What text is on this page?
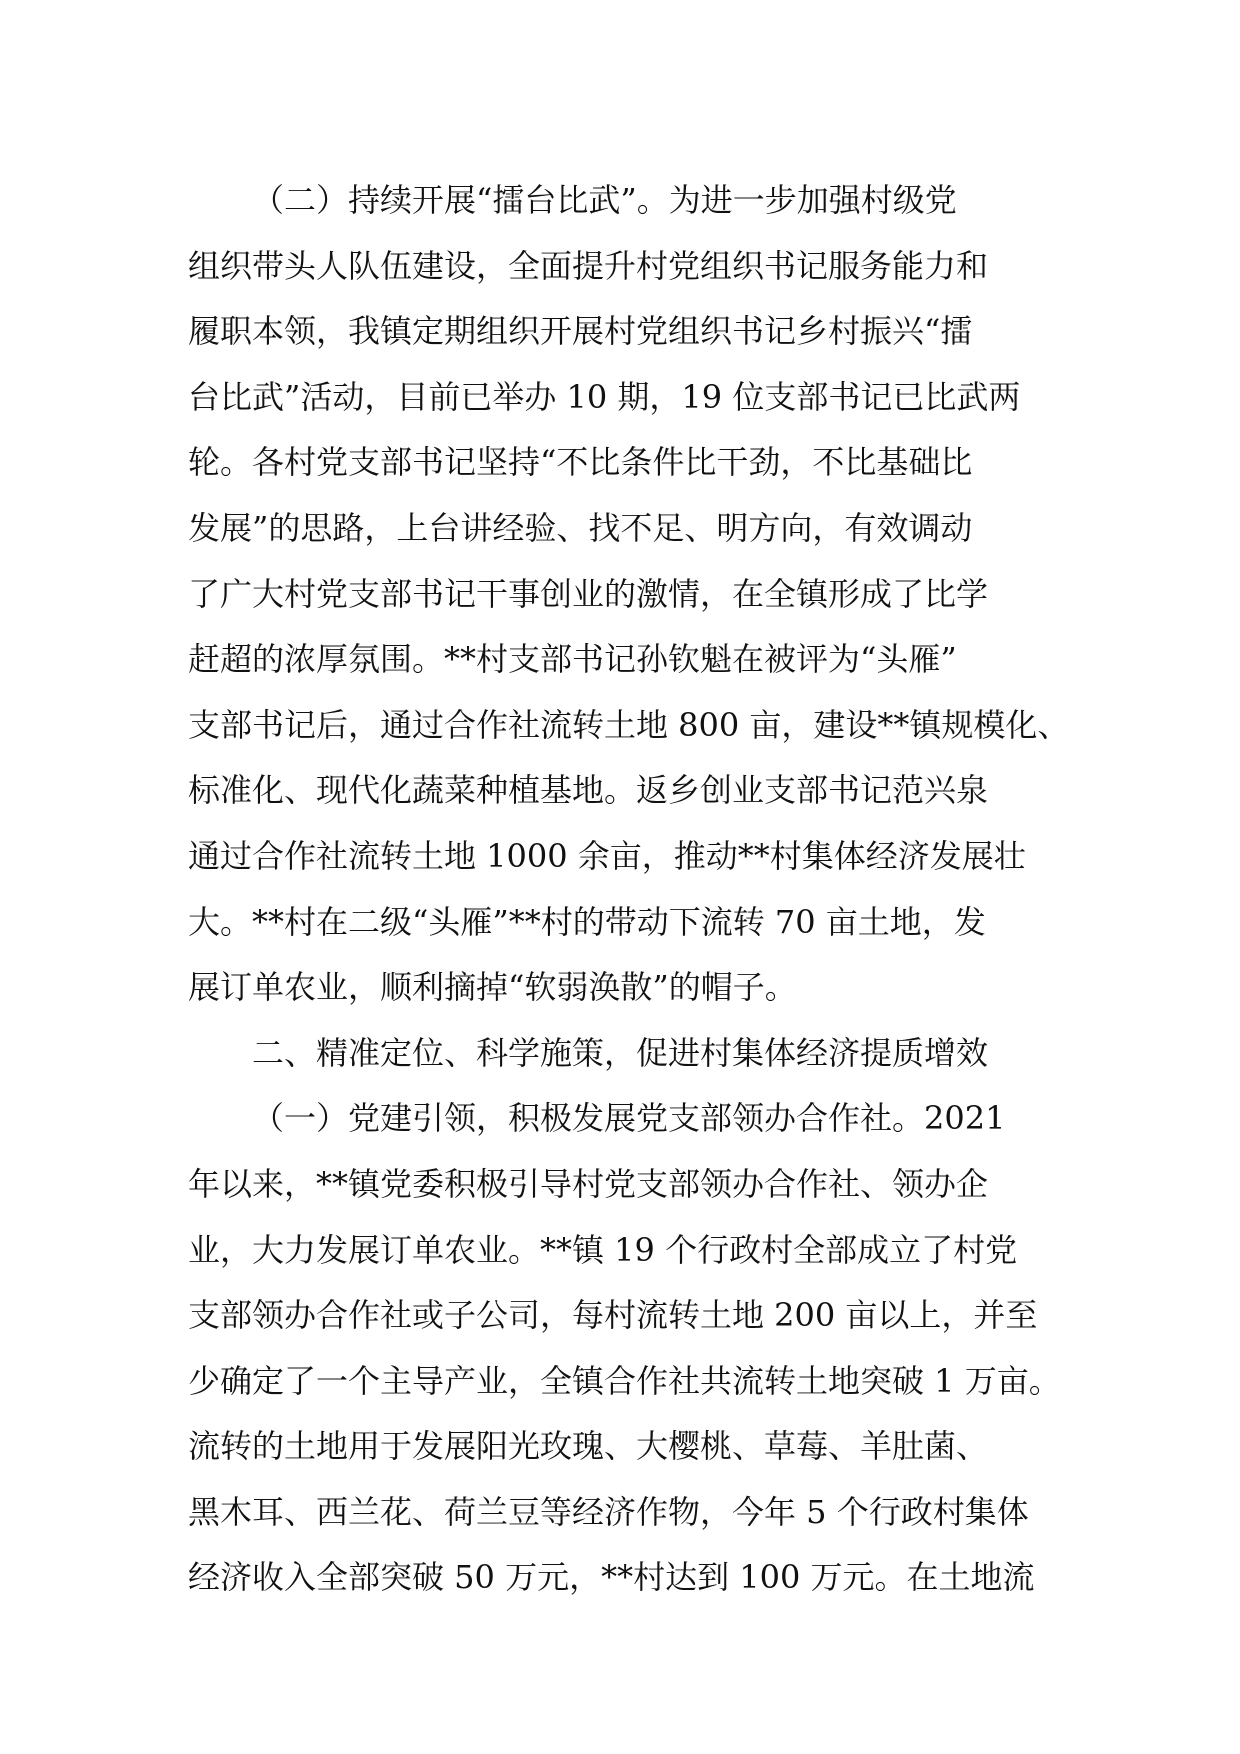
（二）持续开展“擂台比武”。为进一步加强村级党
组织带头人队伍建设，全面提升村党组织书记服务能力和
履职本领，我镇定期组织开展村党组织书记乡村振兴“擂
台比武”活动，目前已举办 10 期，19 位支部书记已比武两
轮。各村党支部书记坚持“不比条件比干劲，不比基础比
发展”的思路，上台讲经验、找不足、明方向，有效调动
了广大村党支部书记干事创业的激情，在全镇形成了比学
赶超的浓厚氛围。**村支部书记孙钦魁在被评为“头雁”
支部书记后，通过合作社流转土地 800 亩，建设**镇规模化、
标准化、现代化蔬菜种植基地。返乡创业支部书记范兴泉
通过合作社流转土地 1000 余亩，推动**村集体经济发展壮
大。**村在二级“头雁”**村的带动下流转 70 亩土地，发
展订单农业，顺利摘掉“软弱涣散”的帽子。
二、精准定位、科学施策，促进村集体经济提质增效
（一）党建引领，积极发展党支部领办合作社。2021
年以来，**镇党委积极引导村党支部领办合作社、领办企
业，大力发展订单农业。**镇 19 个行政村全部成立了村党
支部领办合作社或子公司，每村流转土地 200 亩以上，并至
少确定了一个主导产业，全镇合作社共流转土地突破 1 万亩。
流转的土地用于发展阳光玫瑰、大樱桃、草莓、羊肚菌、
黑木耳、西兰花、荷兰豆等经济作物，今年 5 个行政村集体
经济收入全部突破 50 万元，**村达到 100 万元。在土地流
